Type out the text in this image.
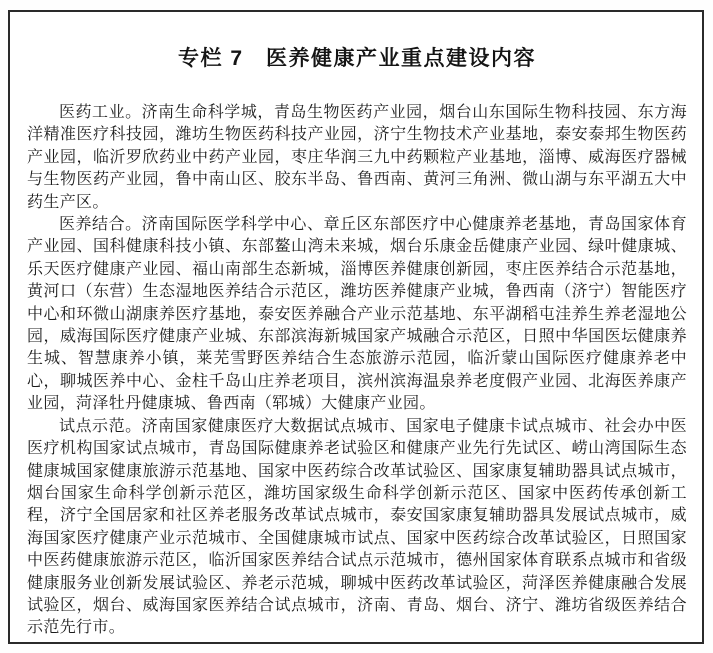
专栏 7　医养健康产业重点建设内容

医药工业。济南生命科学城，青岛生物医药产业园，烟台山东国际生物科技园、东方海洋精准医疗科技园，潍坊生物医药科技产业园，济宁生物技术产业基地，泰安泰邦生物医药产业园，临沂罗欣药业中药产业园，枣庄华润三九中药颗粒产业基地，淄博、威海医疗器械与生物医药产业园，鲁中南山区、胶东半岛、鲁西南、黄河三角洲、微山湖与东平湖五大中药生产区。

医养结合。济南国际医学科学中心、章丘区东部医疗中心健康养老基地，青岛国家体育产业园、国科健康科技小镇、东部鳌山湾未来城，烟台乐康金岳健康产业园、绿叶健康城、乐天医疗健康产业园、福山南部生态新城，淄博医养健康创新园，枣庄医养结合示范基地，黄河口（东营）生态湿地医养结合示范区，潍坊医养健康产业城，鲁西南（济宁）智能医疗中心和环微山湖康养医疗基地，泰安医养融合产业示范基地、东平湖稻屯洼养生养老湿地公园，威海国际医疗健康产业城、东部滨海新城国家产城融合示范区，日照中华国医坛健康养生城、智慧康养小镇，莱芜雪野医养结合生态旅游示范园，临沂蒙山国际医疗健康养老中心，聊城医养中心、金柱千岛山庄养老项目，滨州滨海温泉养老度假产业园、北海医养康产业园，菏泽牡丹健康城、鲁西南（郓城）大健康产业园。

试点示范。济南国家健康医疗大数据试点城市、国家电子健康卡试点城市、社会办中医医疗机构国家试点城市，青岛国际健康养老试验区和健康产业先行先试区、崂山湾国际生态健康城国家健康旅游示范基地、国家中医药综合改革试验区、国家康复辅助器具试点城市，烟台国家生命科学创新示范区，潍坊国家级生命科学创新示范区、国家中医药传承创新工程，济宁全国居家和社区养老服务改革试点城市，泰安国家康复辅助器具发展试点城市，威海国家医疗健康产业示范城市、全国健康城市试点、国家中医药综合改革试验区，日照国家中医药健康旅游示范区，临沂国家医养结合试点示范城市，德州国家体育联系点城市和省级健康服务业创新发展试验区、养老示范城，聊城中医药改革试验区，菏泽医养健康融合发展试验区，烟台、威海国家医养结合试点城市，济南、青岛、烟台、济宁、潍坊省级医养结合示范先行市。
